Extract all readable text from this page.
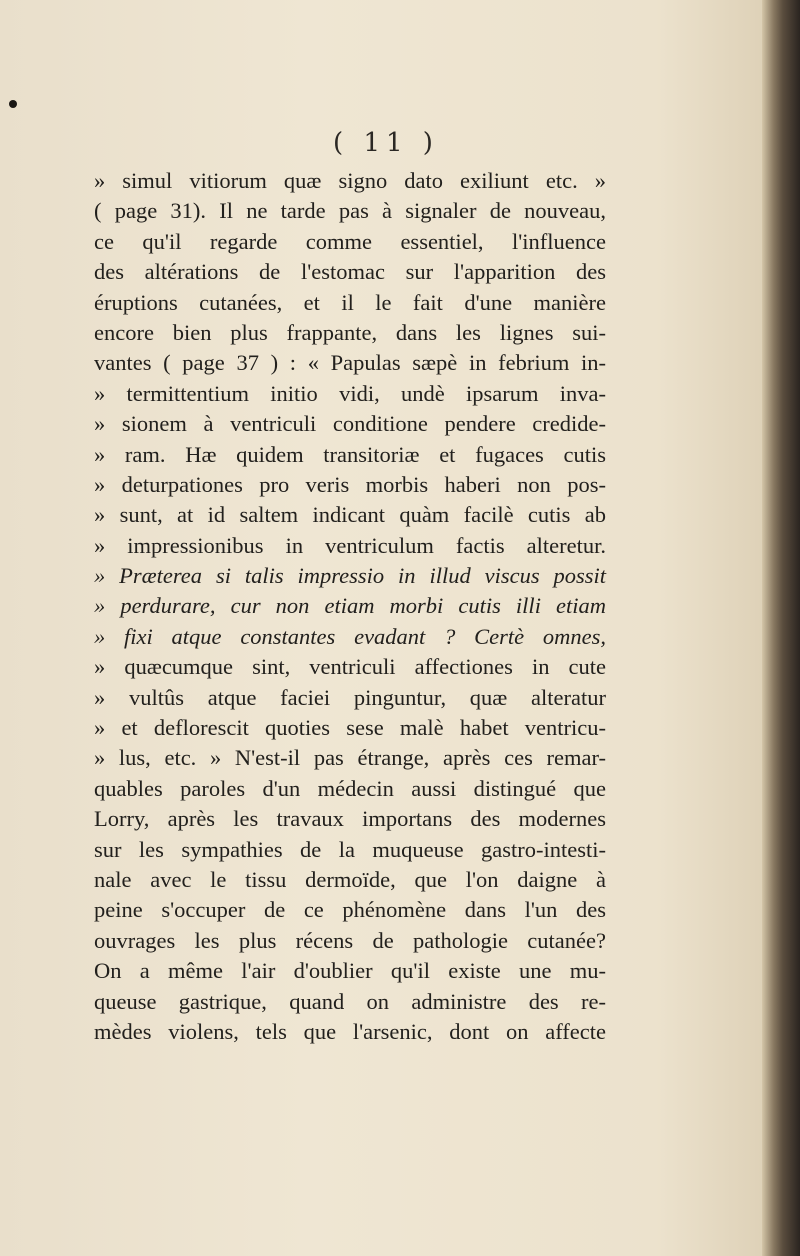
( 11 )
» simul vitiorum quæ signo dato exiliunt etc. »
( page 31). Il ne tarde pas à signaler de nouveau,
ce qu'il regarde comme essentiel, l'influence
des altérations de l'estomac sur l'apparition des
éruptions cutanées, et il le fait d'une manière
encore bien plus frappante, dans les lignes sui-
vantes ( page 37 ) : « Papulas sæpè in febrium in-
» termittentium initio vidi, undè ipsarum inva-
» sionem à ventriculi conditione pendere credide-
» ram. Hæ quidem transitoriæ et fugaces cutis
» deturpationes pro veris morbis haberi non pos-
» sunt, at id saltem indicant quàm facilè cutis ab
» impressionibus in ventriculum factis alteretur.
» Præterea si talis impressio in illud viscus possit
» perdurare, cur non etiam morbi cutis illi etiam
» fixi atque constantes evadant ? Certè omnes,
» quæcumque sint, ventriculi affectiones in cute
» vultûs atque faciei pinguntur, quæ alteratur
» et deflorescit quoties sese malè habet ventricu-
» lus, etc. » N'est-il pas étrange, après ces remar-
quables paroles d'un médecin aussi distingué que
Lorry, après les travaux importans des modernes
sur les sympathies de la muqueuse gastro-intesti-
nale avec le tissu dermoïde, que l'on daigne à
peine s'occuper de ce phénomène dans l'un des
ouvrages les plus récens de pathologie cutanée?
On a même l'air d'oublier qu'il existe une mu-
queuse gastrique, quand on administre des re-
mèdes violens, tels que l'arsenic, dont on affecte
